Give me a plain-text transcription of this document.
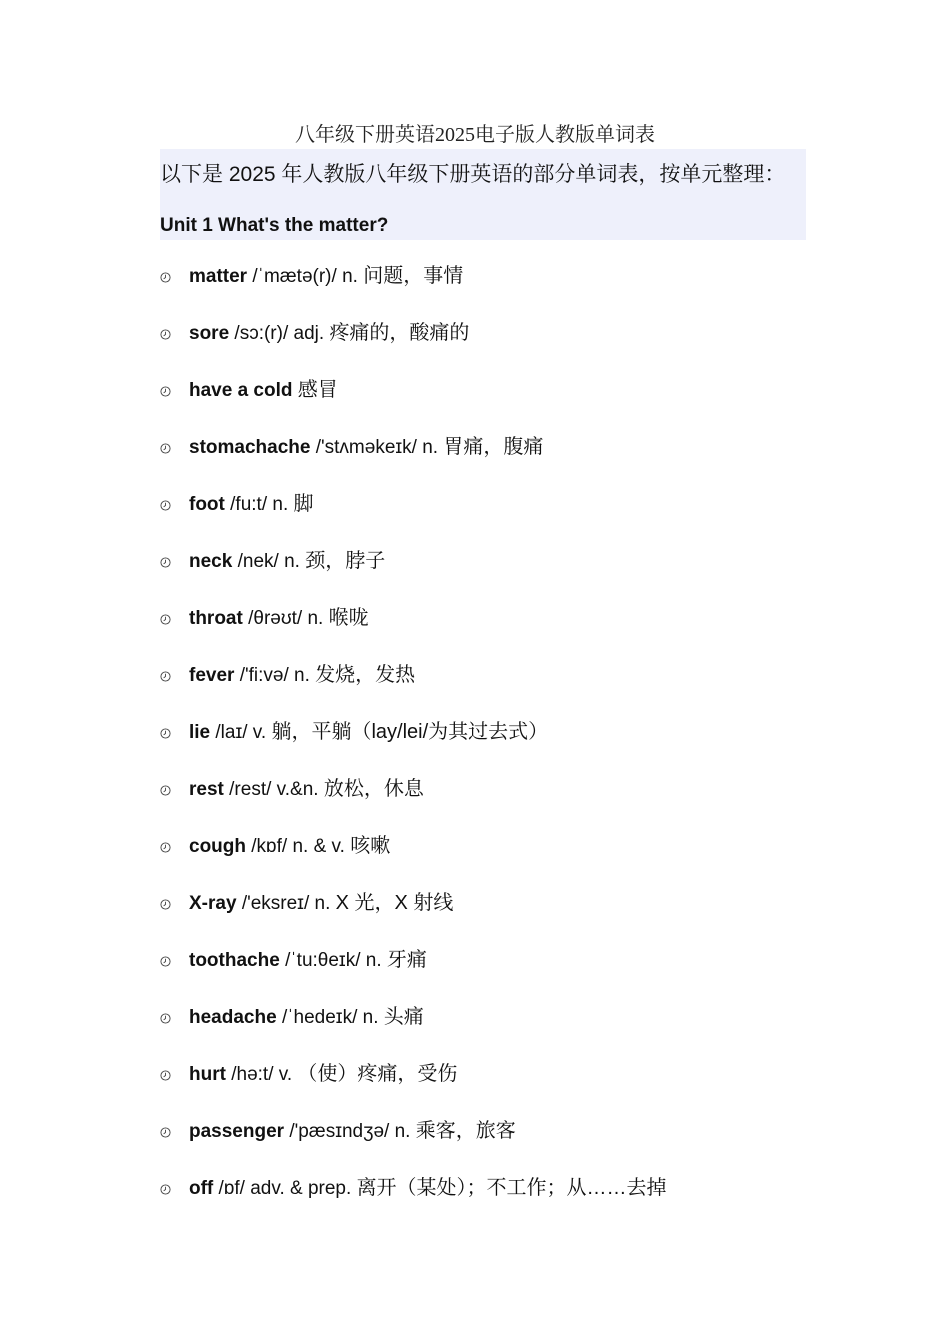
八年级下册英语2025电子版人教版单词表
以下是 2025 年人教版八年级下册英语的部分单词表，按单元整理：
Unit 1 What's the matter?
matter /ˈmætə(r)/ n. 问题，事情
sore /sɔ:(r)/ adj. 疼痛的，酸痛的
have a cold 感冒
stomachache /'stʌməkeɪk/ n. 胃痛，腹痛
foot /fu:t/ n. 脚
neck /nek/ n. 颈，脖子
throat /θrəʊt/ n. 喉咙
fever /'fi:və/ n. 发烧，发热
lie /laɪ/ v. 躺，平躺（lay/lei/为其过去式）
rest /rest/ v.&n. 放松，休息
cough /kɒf/ n. & v. 咳嗽
X-ray /'eksreɪ/ n. X 光，X 射线
toothache /ˈtu:θeɪk/ n. 牙痛
headache /ˈhedeɪk/ n. 头痛
hurt /hə:t/ v. （使）疼痛，受伤
passenger /'pæsɪndʒə/ n. 乘客，旅客
off /ɒf/ adv. & prep. 离开（某处）；不工作；从……去掉
